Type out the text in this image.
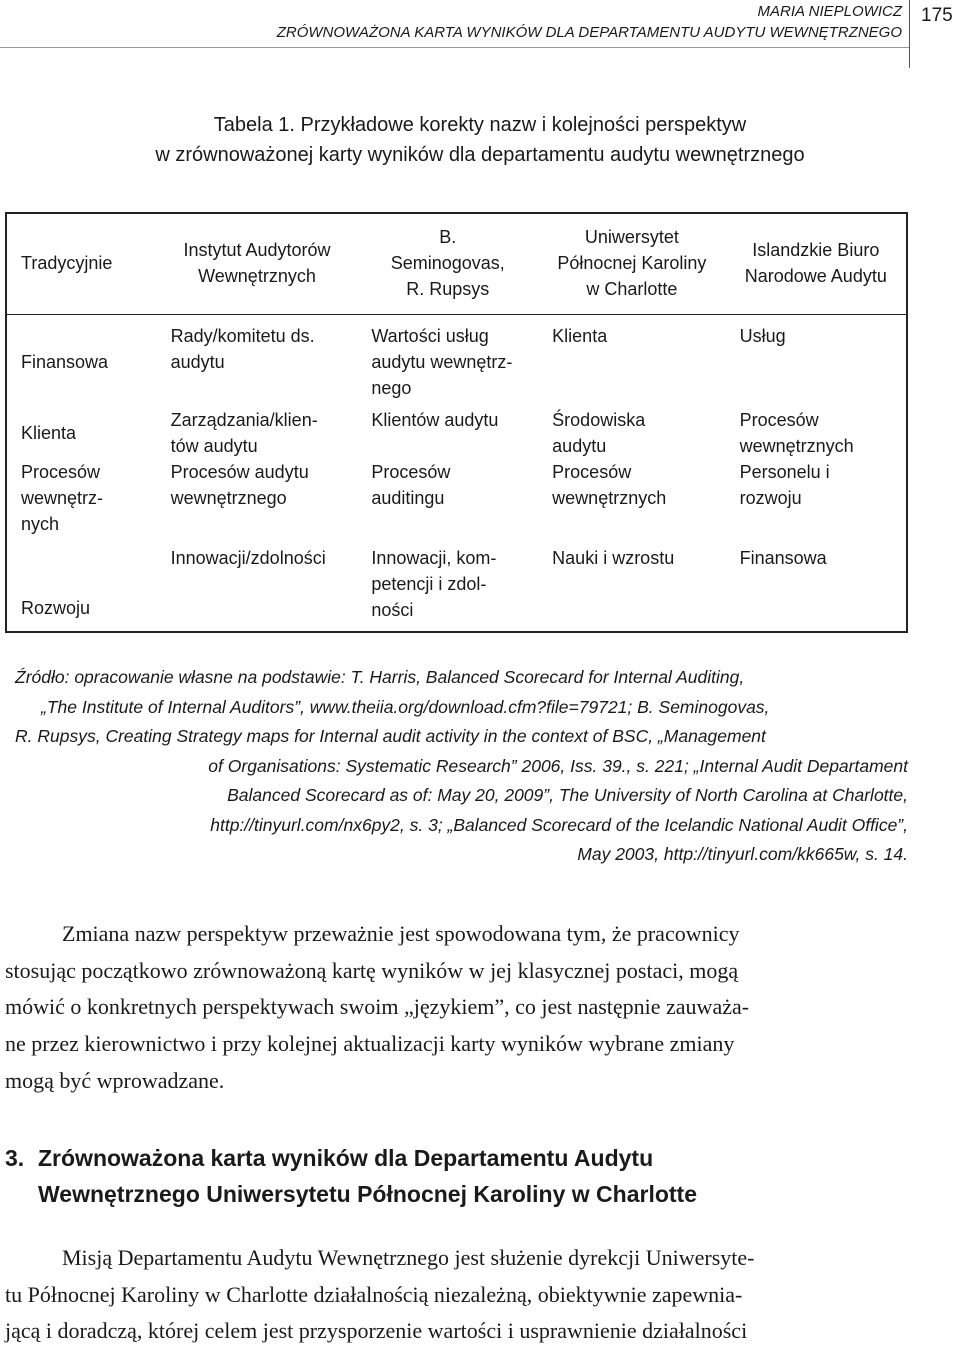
MARIA NIEPLOWICZ
ZRÓWNOWAŻONA KARTA WYNIKÓW DLA DEPARTAMENTU AUDYTU WEWNĘTRZNEGO
175
Tabela 1. Przykładowe korekty nazw i kolejności perspektyw
w zrównoważonej karty wyników dla departamentu audytu wewnętrznego
Tradycyjnie	Instytut Audytorów Wewnętrznych	B. Seminogovas, R. Rupsys	Uniwersytet Północnej Karoliny w Charlotte	Islandzkie Biuro Narodowe Audytu
Finansowa	Rady/komitetu ds. audytu	Wartości usług audytu wewnętrz-nego	Klienta	Usług
Klienta	Zarządzania/klien-tów audytu	Klientów audytu	Środowiska audytu	Procesów wewnętrznych
Procesów wewnętrz-nych	Procesów audytu wewnętrznego	Procesów auditingu	Procesów wewnętrznych	Personelu i rozwoju
Rozwoju	Innowacji/zdolności	Innowacji, kom-petencji i zdol-ności	Nauki i wzrostu	Finansowa
Źródło: opracowanie własne na podstawie: T. Harris, Balanced Scorecard for Internal Auditing,
„The Institute of Internal Auditors”, www.theiia.org/download.cfm?file=79721; B. Seminogovas,
R. Rupsys, Creating Strategy maps for Internal audit activity in the context of BSC, „Management
of Organisations: Systematic Research” 2006, Iss. 39., s. 221; „Internal Audit Departament
Balanced Scorecard as of: May 20, 2009”, The University of North Carolina at Charlotte,
http://tinyurl.com/nx6py2, s. 3; „Balanced Scorecard of the Icelandic National Audit Office”,
May 2003, http://tinyurl.com/kk665w, s. 14.
Zmiana nazw perspektyw przeważnie jest spowodowana tym, że pracownicy
stosując początkowo zrównoważoną kartę wyników w jej klasycznej postaci, mogą
mówić o konkretnych perspektywach swoim „językiem”, co jest następnie zauważa-
ne przez kierownictwo i przy kolejnej aktualizacji karty wyników wybrane zmiany
mogą być wprowadzane.
3. Zrównoważona karta wyników dla Departamentu Audytu
Wewnętrznego Uniwersytetu Północnej Karoliny w Charlotte
Misją Departamentu Audytu Wewnętrznego jest służenie dyrekcji Uniwersyte-
tu Północnej Karoliny w Charlotte działalnością niezależną, obiektywnie zapewnia-
jącą i doradczą, której celem jest przysporzenie wartości i usprawnienie działalności
